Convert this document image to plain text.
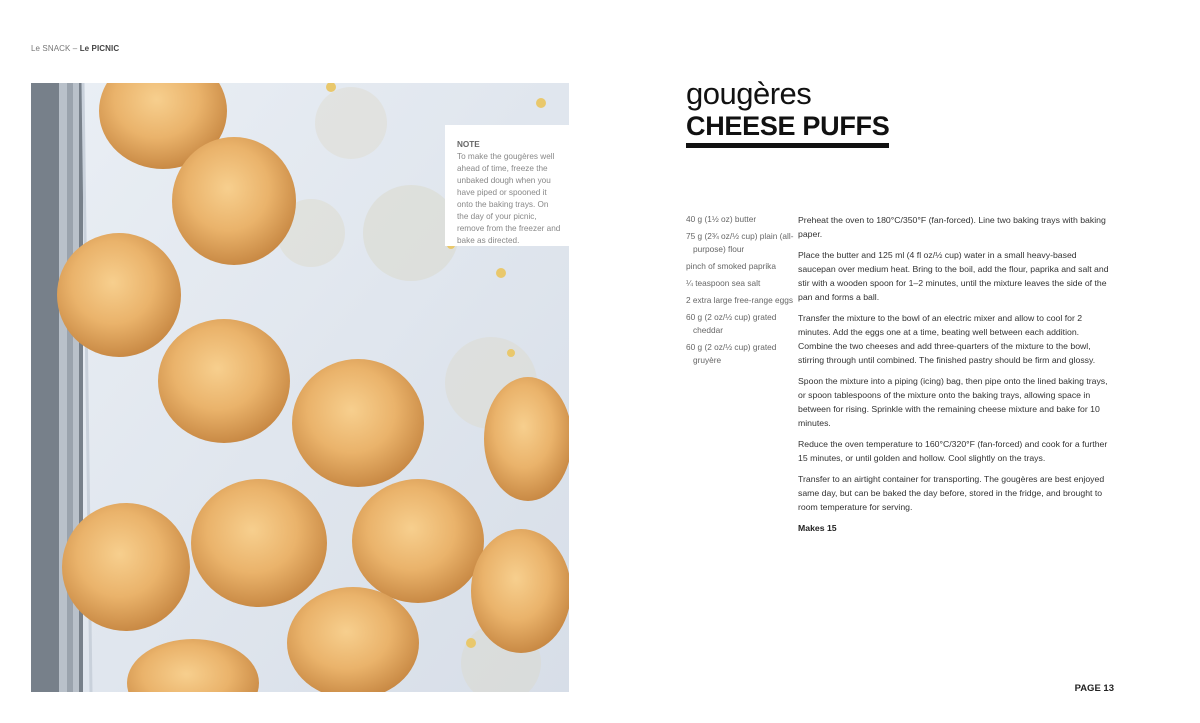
Le SNACK – Le PICNIC
NOTE
To make the gougères well ahead of time, freeze the unbaked dough when you have piped or spooned it onto the baking trays. On the day of your picnic, remove from the freezer and bake as directed.
gougères
CHEESE PUFFS
40 g (1½ oz) butter
75 g (2¾ oz/½ cup) plain (all-purpose) flour
pinch of smoked paprika
¼ teaspoon sea salt
2 extra large free-range eggs
60 g (2 oz/½ cup) grated cheddar
60 g (2 oz/½ cup) grated gruyère

Preheat the oven to 180°C/350°F (fan-forced). Line two baking trays with baking paper.

Place the butter and 125 ml (4 fl oz/½ cup) water in a small heavy-based saucepan over medium heat. Bring to the boil, add the flour, paprika and salt and stir with a wooden spoon for 1–2 minutes, until the mixture leaves the side of the pan and forms a ball.

Transfer the mixture to the bowl of an electric mixer and allow to cool for 2 minutes. Add the eggs one at a time, beating well between each addition. Combine the two cheeses and add three-quarters of the mixture to the bowl, stirring through until combined. The finished pastry should be firm and glossy.

Spoon the mixture into a piping (icing) bag, then pipe onto the lined baking trays, or spoon tablespoons of the mixture onto the baking trays, allowing space in between for rising. Sprinkle with the remaining cheese mixture and bake for 10 minutes.

Reduce the oven temperature to 160°C/320°F (fan-forced) and cook for a further 15 minutes, or until golden and hollow. Cool slightly on the trays.

Transfer to an airtight container for transporting. The gougères are best enjoyed same day, but can be baked the day before, stored in the fridge, and brought to room temperature for serving.

Makes 15

PAGE 13
